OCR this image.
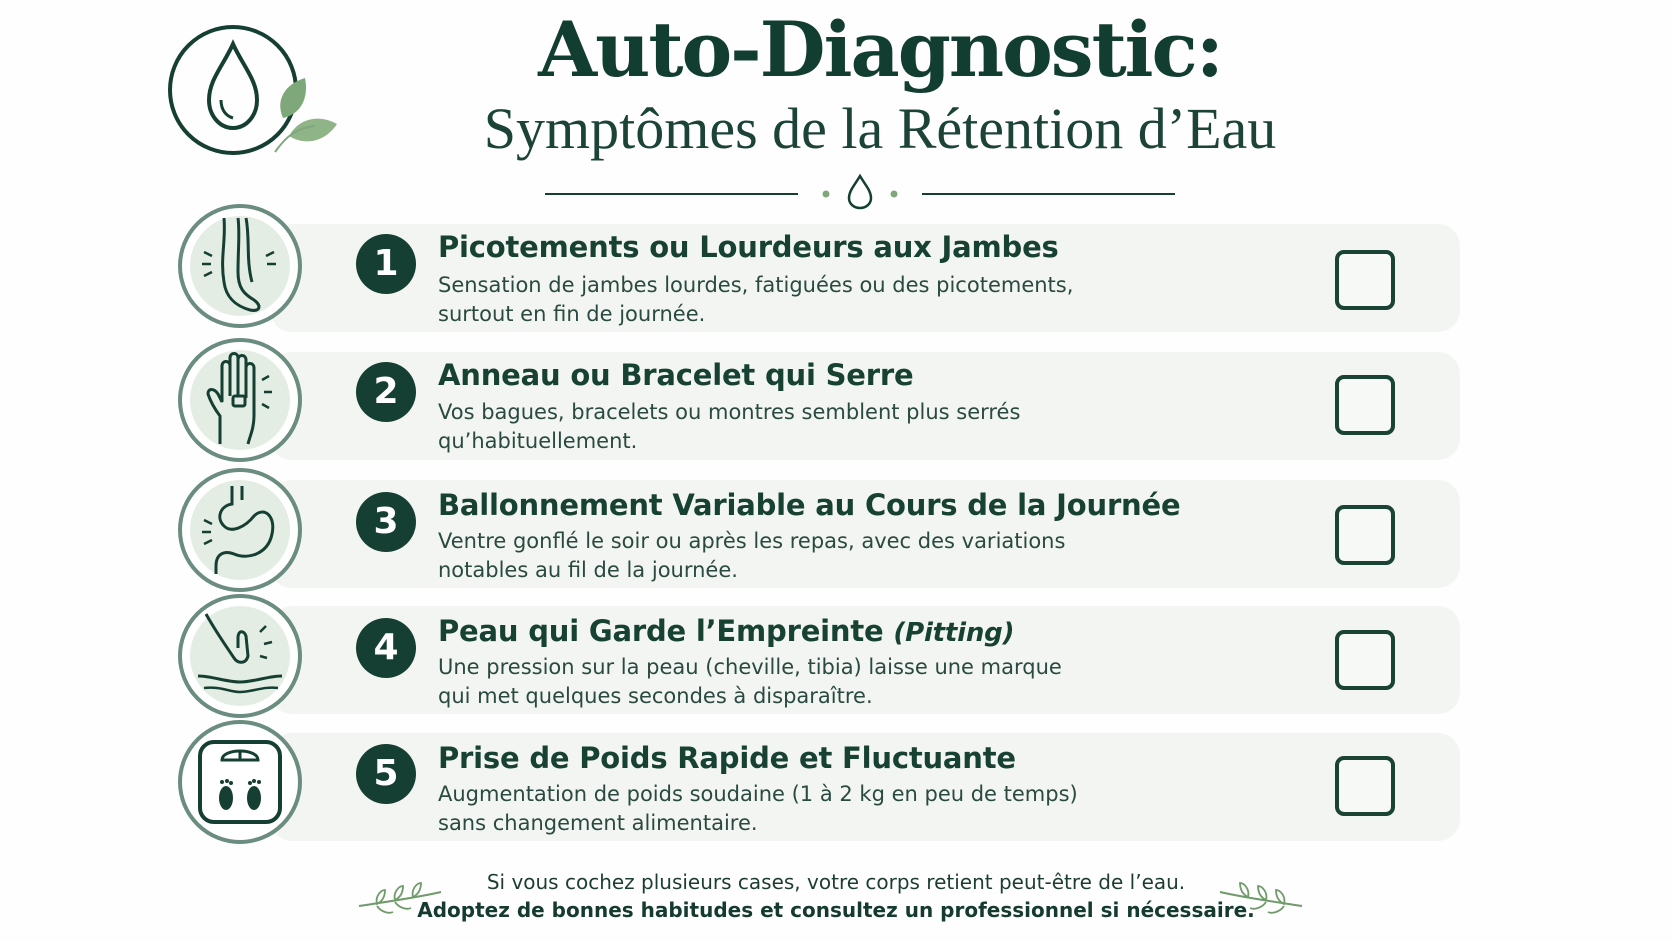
Auto-Diagnostic:
Symptômes de la Rétention d’Eau
1	Picotements ou Lourdeurs aux Jambes
Sensation de jambes lourdes, fatiguées ou des picotements,
surtout en fin de journée.
2	Anneau ou Bracelet qui Serre
Vos bagues, bracelets ou montres semblent plus serrés
qu’habituellement.
3	Ballonnement Variable au Cours de la Journée
Ventre gonflé le soir ou après les repas, avec des variations
notables au fil de la journée.
4	Peau qui Garde l’Empreinte (Pitting)
Une pression sur la peau (cheville, tibia) laisse une marque
qui met quelques secondes à disparaître.
5	Prise de Poids Rapide et Fluctuante
Augmentation de poids soudaine (1 à 2 kg en peu de temps)
sans changement alimentaire.
Si vous cochez plusieurs cases, votre corps retient peut-être de l’eau.
Adoptez de bonnes habitudes et consultez un professionnel si nécessaire.
